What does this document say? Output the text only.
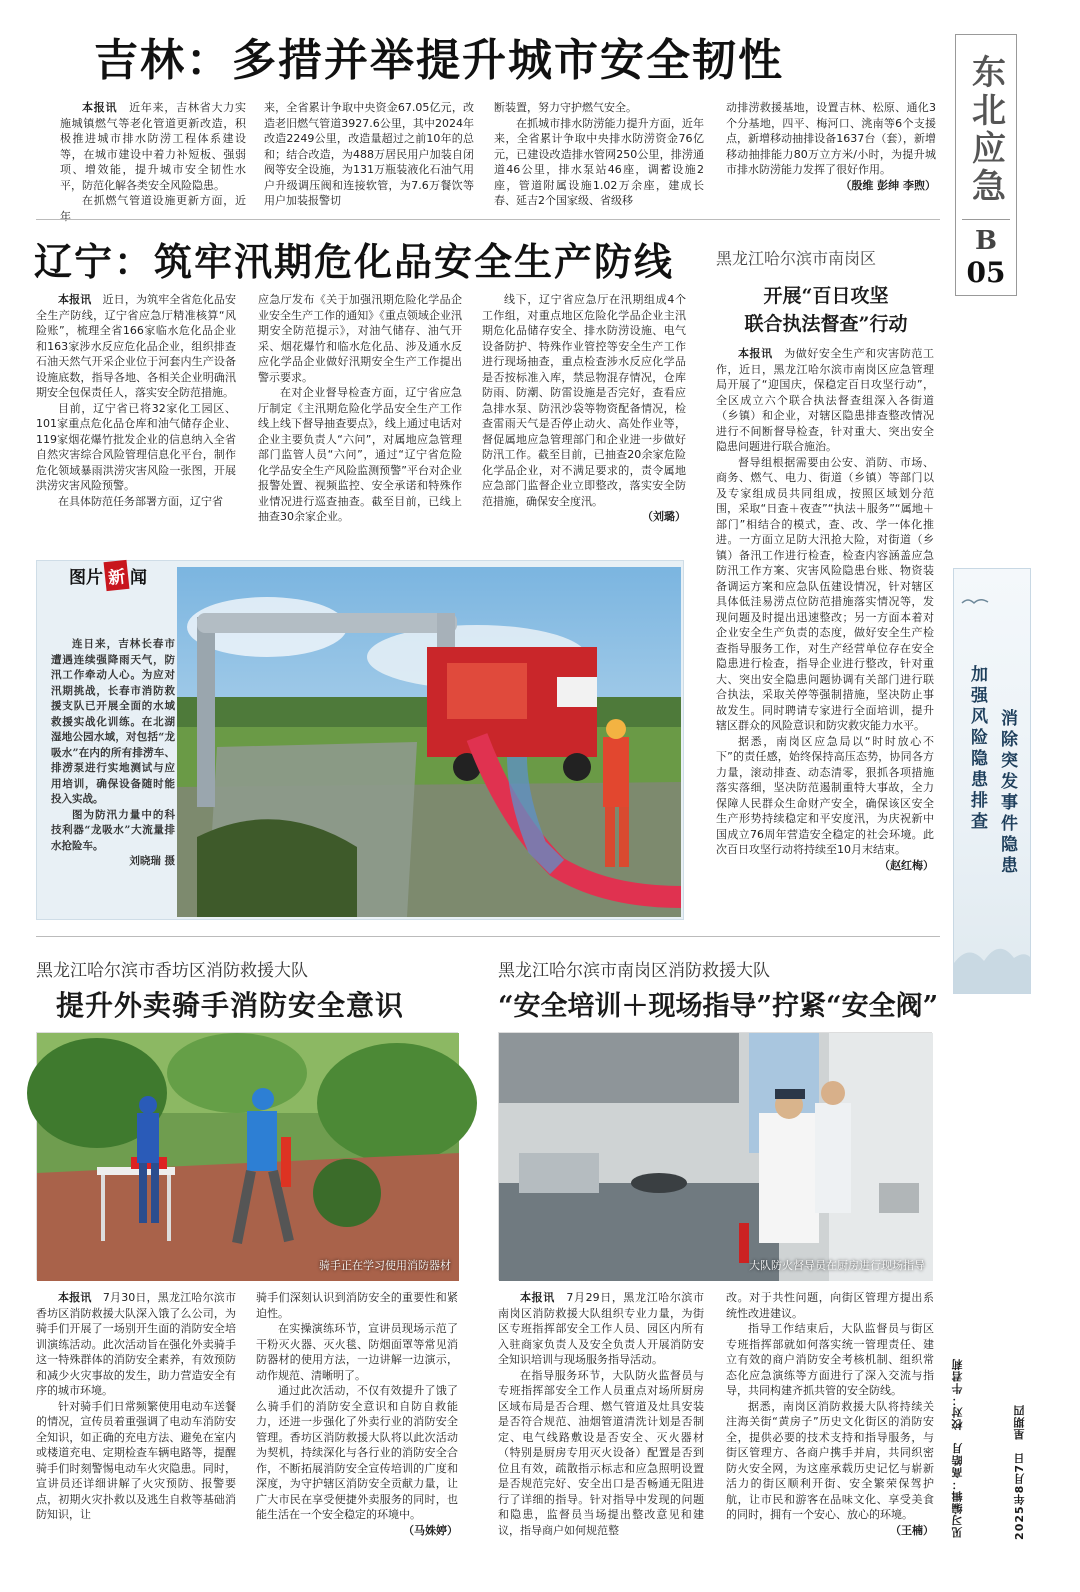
东北应急
B
05
消除突发事件隐患
加强风险隐患排查
2025年8月7日　星期四
见习编辑：高皓月　校对：牛君莉
吉林：多措并举提升城市安全韧性

本报讯　 近年来，吉林省大力实施城镇燃气等老化管道更新改造，积极推进城市排水防涝工程体系建设等，在城市建设中着力补短板、强弱项、增效能，提升城市安全韧性水平，防范化解各类安全风险隐患。

在抓燃气管道设施更新方面，近年

来，全省累计争取中央资金67.05亿元，改造老旧燃气管道3927.6公里，其中2024年改造2249公里，改造量超过之前10年的总和；结合改造，为488万居民用户加装自闭阀等安全设施，为131万瓶装液化石油气用户升级调压阀和连接软管，为7.6万餐饮等用户加装报警切
断装置，努力守护燃气安全。

在抓城市排水防涝能力提升方面，近年来，全省累计争取中央排水防涝资金76亿元，已建设改造排水管网250公里，排涝通道46公里，排水泵站46座，调蓄设施2座，管道附属设施1.02万余座，建成长春、延吉2个国家级、省级移

动排涝救援基地，设置吉林、松原、通化3个分基地，四平、梅河口、洮南等6个支援点，新增移动抽排设备1637台（套），新增移动抽排能力80万立方米/小时，为提升城市排水防涝能力发挥了很好作用。
（殷维 彭绅 李煦）
辽宁：筑牢汛期危化品安全生产防线

本报讯　 近日，为筑牢全省危化品安全生产防线，辽宁省应急厅精准核算“风险账”，梳理全省166家临水危化品企业和163家涉水反应危化品企业，组织排查石油天然气开采企业位于河套内生产设备设施底数，指导各地、各相关企业明确汛期安全包保责任人，落实安全防范措施。

目前，辽宁省已将32家化工园区、101家重点危化品仓库和油气储存企业、119家烟花爆竹批发企业的信息纳入全省自然灾害综合风险管理信息化平台，制作危化领域暴雨洪涝灾害风险一张图，开展洪涝灾害风险预警。

在具体防范任务部署方面，辽宁省

应急厅发布《关于加强汛期危险化学品企业安全生产工作的通知》《重点领域企业汛期安全防范提示》，对油气储存、油气开采、烟花爆竹和临水危化品、涉及通水反应化学品企业做好汛期安全生产工作提出警示要求。

在对企业督导检查方面，辽宁省应急厅制定《主汛期危险化学品安全生产工作线上线下督导抽查要点》，线上通过电话对企业主要负责人“六问”，对属地应急管理部门监管人员“六问”，通过“辽宁省危险化学品安全生产风险监测预警”平台对企业报警处置、视频监控、安全承诺和特殊作业情况进行巡查抽查。截至目前，已线上抽查30余家企业。

线下，辽宁省应急厅在汛期组成4个工作组，对重点地区危险化学品企业主汛期危化品储存安全、排水防涝设施、电气设备防护、特殊作业管控等安全生产工作进行现场抽查，重点检查涉水反应化学品是否按标准入库，禁忌物混存情况，仓库防雨、防潮、防雷设施是否完好，查看应急排水泵、防汛沙袋等物资配备情况，检查雷雨天气是否停止动火、高处作业等，督促属地应急管理部门和企业进一步做好防汛工作。截至目前，已抽查20余家危险化学品企业，对不满足要求的，责令属地应急部门监督企业立即整改，落实安全防范措施，确保安全度汛。

（刘璐）
黑龙江哈尔滨市南岗区
开展“百日攻坚
联合执法督查”行动

本报讯　 为做好安全生产和灾害防范工作，近日，黑龙江哈尔滨市南岗区应急管理局开展了“迎国庆，保稳定百日攻坚行动”，全区成立六个联合执法督查组深入各街道（乡镇）和企业，对辖区隐患排查整改情况进行不间断督导检查，针对重大、突出安全隐患问题进行联合施治。

督导组根据需要由公安、消防、市场、商务、燃气、电力、街道（乡镇）等部门以及专家组成员共同组成，按照区域划分范围，采取“日查＋夜查”“执法＋服务”“属地＋部门”相结合的模式，查、改、学一体化推进。一方面立足防大汛抢大险，对街道（乡镇）备汛工作进行检查，检查内容涵盖应急防汛工作方案、灾害风险隐患台账、物资装备调运方案和应急队伍建设情况，针对辖区具体低洼易涝点位防范措施落实情况等，发现问题及时提出迅速整改；另一方面本着对企业安全生产负责的态度，做好安全生产检查指导服务工作，对生产经营单位存在安全隐患进行检查，指导企业进行整改，针对重大、突出安全隐患问题协调有关部门进行联合执法，采取关停等强制措施，坚决防止事故发生。同时聘请专家进行全面培训，提升辖区群众的风险意识和防灾救灾能力水平。

据悉，南岗区应急局以“时时放心不下”的责任感，始终保持高压态势，协同各方力量，滚动排查、动态清零，狠抓各项措施落实落细，坚决防范遏制重特大事故，全力保障人民群众生命财产安全，确保该区安全生产形势持续稳定和平安度汛，为庆祝新中国成立76周年营造安全稳定的社会环境。此次百日攻坚行动将持续至10月末结束。

（赵红梅）
图片 新 闻

连日来，吉林长春市遭遇连续强降雨天气，防汛工作牵动人心。为应对汛期挑战，长春市消防救援支队已开展全面的水域救援实战化训练。在北湖湿地公园水域，对包括“龙吸水”在内的所有排涝车、排涝泵进行实地测试与应用培训，确保设备随时能投入实战。

图为防汛力量中的科技利器“龙吸水”大流量排水抢险车。

刘晓瑞 摄
黑龙江哈尔滨市香坊区消防救援大队
提升外卖骑手消防安全意识
骑手正在学习使用消防器材

本报讯　 7月30日，黑龙江哈尔滨市香坊区消防救援大队深入饿了么公司，为骑手们开展了一场别开生面的消防安全培训演练活动。此次活动旨在强化外卖骑手这一特殊群体的消防安全素养，有效预防和减少火灾事故的发生，助力营造安全有序的城市环境。

针对骑手们日常频繁使用电动车送餐的情况，宣传员着重强调了电动车消防安全知识，如正确的充电方法、避免在室内或楼道充电、定期检查车辆电路等，提醒骑手们时刻警惕电动车火灾隐患。同时，宣讲员还详细讲解了火灾预防、报警要点，初期火灾扑救以及逃生自救等基础消防知识，让

骑手们深刻认识到消防安全的重要性和紧迫性。

在实操演练环节，宣讲员现场示范了干粉灭火器、灭火毯、防烟面罩等常见消防器材的使用方法，一边讲解一边演示，动作规范、清晰明了。

通过此次活动，不仅有效提升了饿了么骑手们的消防安全意识和自防自救能力，还进一步强化了外卖行业的消防安全管理。香坊区消防救援大队将以此次活动为契机，持续深化与各行业的消防安全合作，不断拓展消防安全宣传培训的广度和深度，为守护辖区消防安全贡献力量，让广大市民在享受便捷外卖服务的同时，也能生活在一个安全稳定的环境中。

（马姝婷）
黑龙江哈尔滨市南岗区消防救援大队
“安全培训＋现场指导”拧紧“安全阀”
大队防火督导员在厨房进行现场指导

本报讯　 7月29日，黑龙江哈尔滨市南岗区消防救援大队组织专业力量，为街区专班指挥部安全工作人员、园区内所有入驻商家负责人及安全负责人开展消防安全知识培训与现场服务指导活动。

在指导服务环节，大队防火监督员与专班指挥部安全工作人员重点对场所厨房区域布局是否合理、燃气管道及灶具安装是否符合规范、油烟管道清洗计划是否制定、电气线路敷设是否安全、灭火器材（特别是厨房专用灭火设备）配置是否到位且有效，疏散指示标志和应急照明设置是否规范完好、安全出口是否畅通无阻进行了详细的指导。针对指导中发现的问题和隐患，监督员当场提出整改意见和建议，指导商户如何规范整

改。对于共性问题，向街区管理方提出系统性改进建议。

指导工作结束后，大队监督员与街区专班指挥部就如何落实统一管理责任、建立有效的商户消防安全考核机制、组织常态化应急演练等方面进行了深入交流与指导，共同构建齐抓共管的安全防线。

据悉，南岗区消防救援大队将持续关注海关街“黄房子”历史文化街区的消防安全，提供必要的技术支持和指导服务，与街区管理方、各商户携手并肩，共同织密防火安全网，为这座承载历史记忆与崭新活力的街区顺利开街、安全繁荣保驾护航，让市民和游客在品味文化、享受美食的同时，拥有一个安心、放心的环境。

（王楠）
